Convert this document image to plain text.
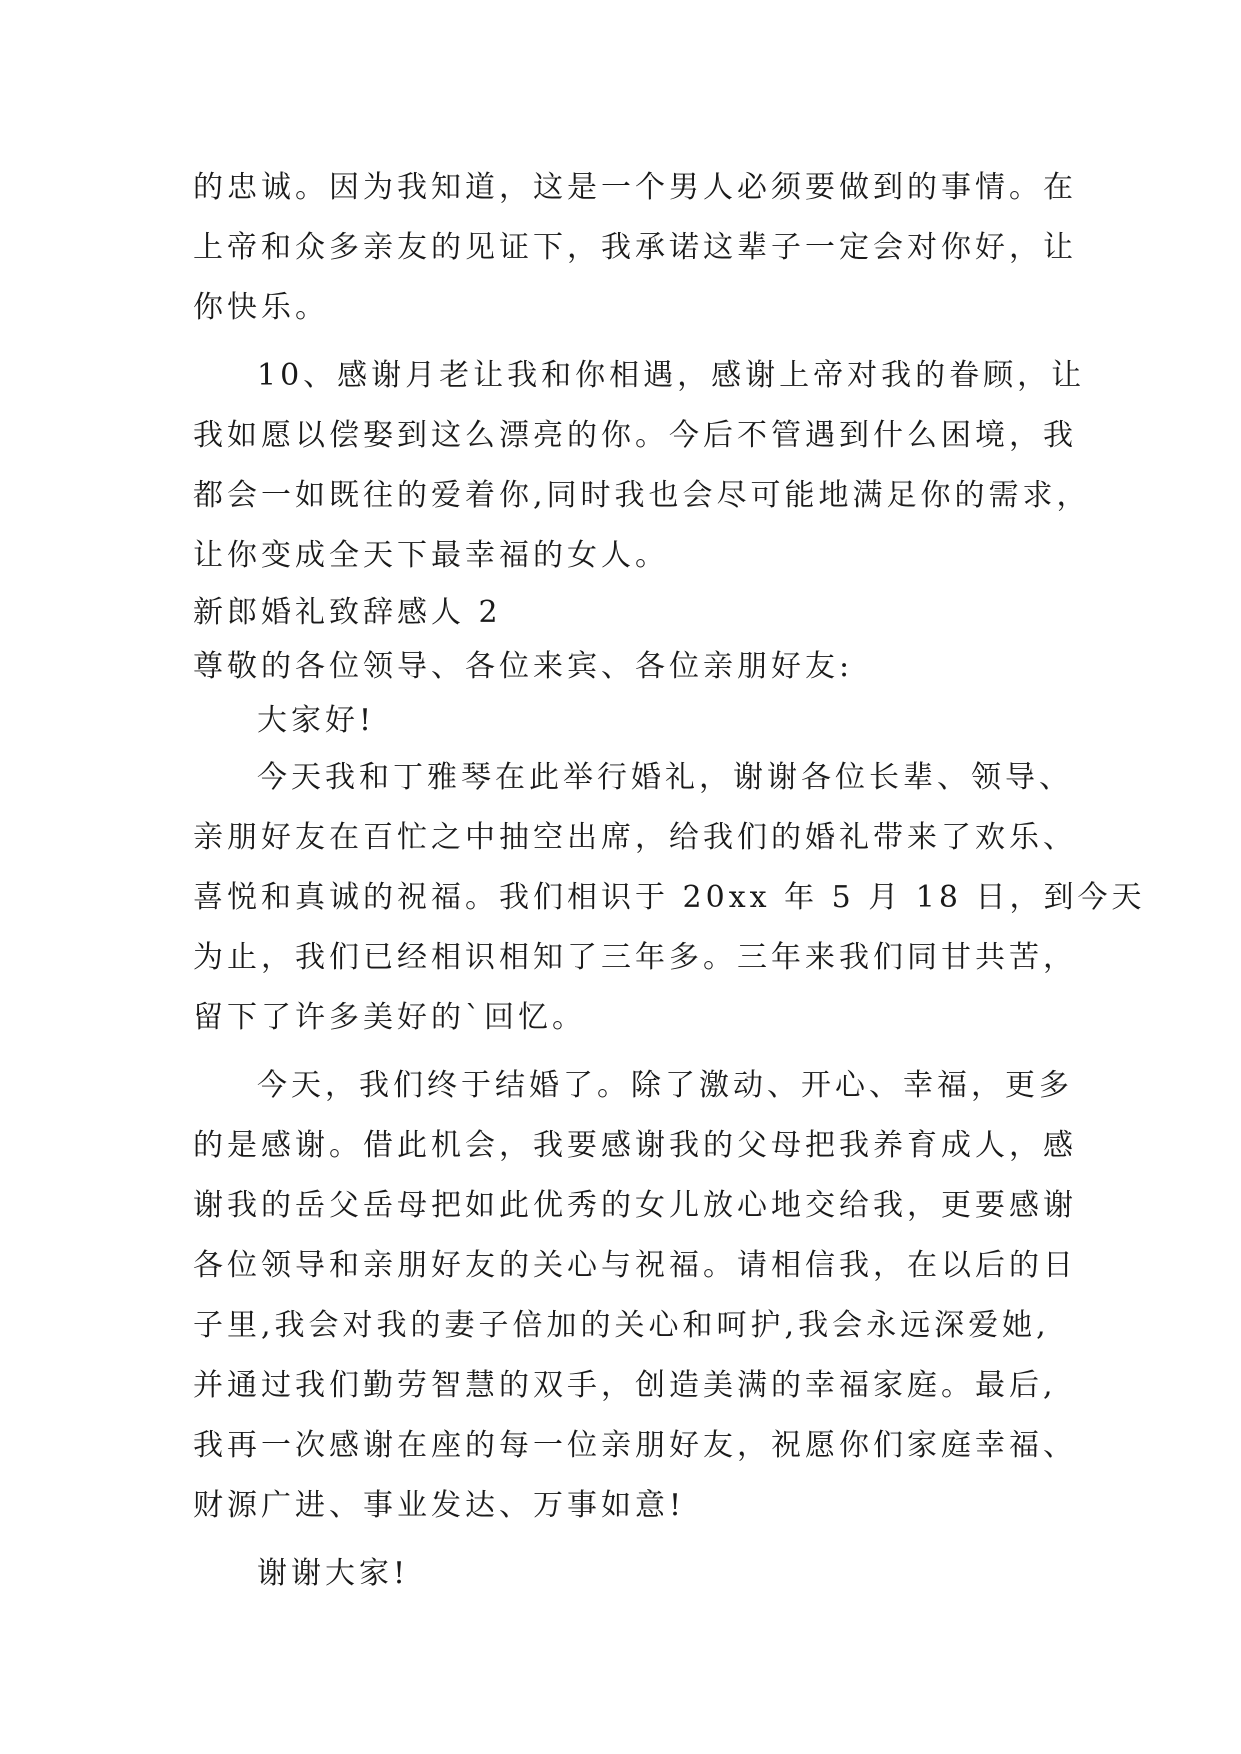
的忠诚。因为我知道，这是一个男人必须要做到的事情。在
上帝和众多亲友的见证下，我承诺这辈子一定会对你好，让
你快乐。
10、感谢月老让我和你相遇，感谢上帝对我的眷顾，让
我如愿以偿娶到这么漂亮的你。今后不管遇到什么困境，我
都会一如既往的爱着你,同时我也会尽可能地满足你的需求，
让你变成全天下最幸福的女人。
新郎婚礼致辞感人 2
尊敬的各位领导、各位来宾、各位亲朋好友:
大家好!
今天我和丁雅琴在此举行婚礼，谢谢各位长辈、领导、
亲朋好友在百忙之中抽空出席，给我们的婚礼带来了欢乐、
喜悦和真诚的祝福。我们相识于 20xx 年 5 月 18 日，到今天
为止，我们已经相识相知了三年多。三年来我们同甘共苦，
留下了许多美好的`回忆。
今天，我们终于结婚了。除了激动、开心、幸福，更多
的是感谢。借此机会，我要感谢我的父母把我养育成人，感
谢我的岳父岳母把如此优秀的女儿放心地交给我，更要感谢
各位领导和亲朋好友的关心与祝福。请相信我，在以后的日
子里,我会对我的妻子倍加的关心和呵护,我会永远深爱她,
并通过我们勤劳智慧的双手，创造美满的幸福家庭。最后,
我再一次感谢在座的每一位亲朋好友，祝愿你们家庭幸福、
财源广进、事业发达、万事如意!
谢谢大家!
